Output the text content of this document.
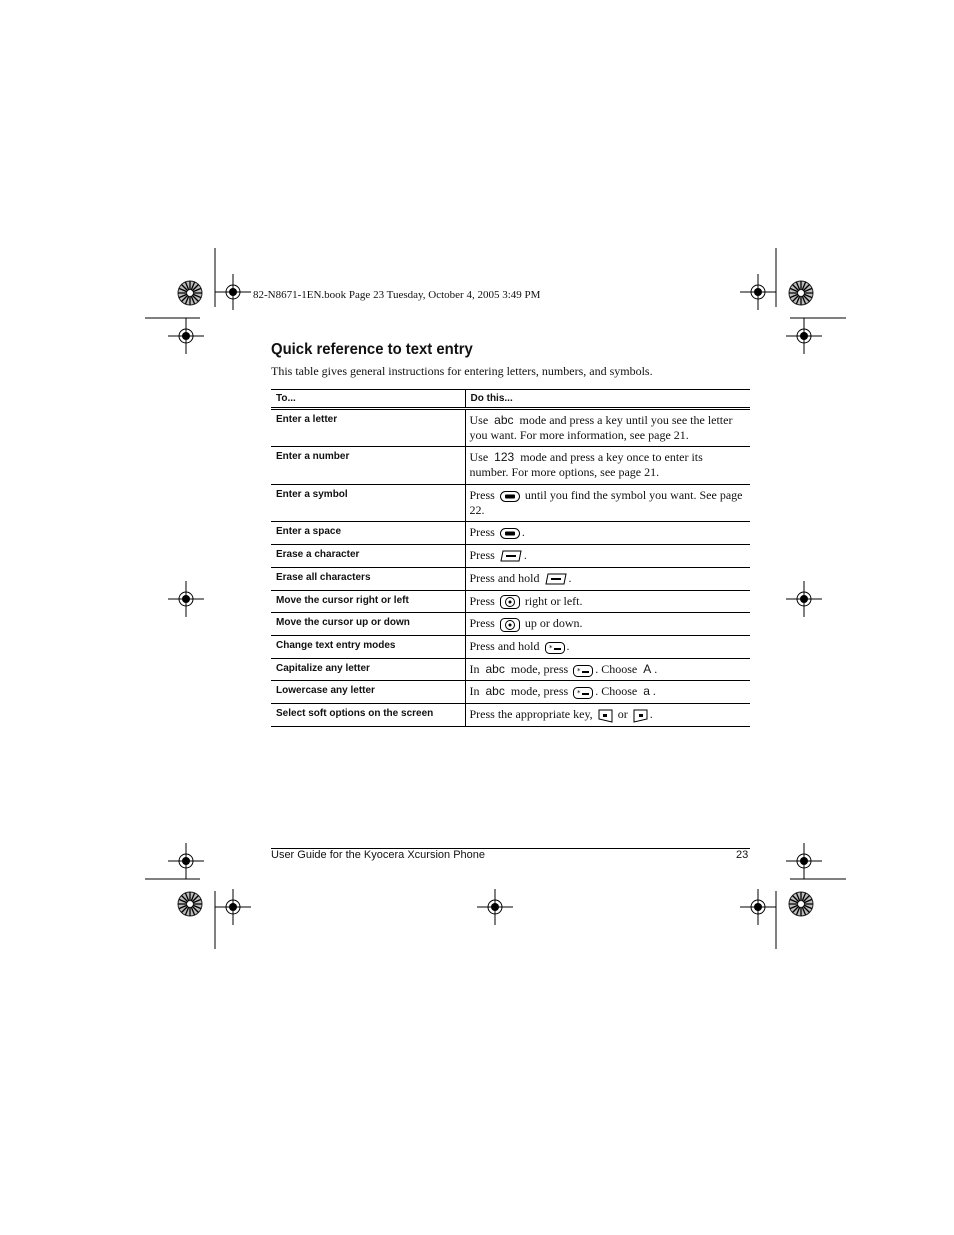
82-N8671-1EN.book Page 23 Tuesday, October 4, 2005 3:49 PM
Quick reference to text entry

This table gives general instructions for entering letters, numbers, and symbols.

To...	Do this...
Enter a letter	Use abc mode and press a key until you see the letter you want. For more information, see page 21.
Enter a number	Use 123 mode and press a key once to enter its number. For more options, see page 21.
Enter a symbol	Press  until you find the symbol you want. See page 22.
Enter a space	Press .
Erase a character	Press .
Erase all characters	Press and hold .
Move the cursor right or left	Press  right or left.
Move the cursor up or down	Press  up or down.
Change text entry modes	Press and hold * .
Capitalize any letter	In abc mode, press * . Choose A .
Lowercase any letter	In abc mode, press * . Choose a .
Select soft options on the screen	Press the appropriate key,  or .
User Guide for the Kyocera Xcursion Phone	23
